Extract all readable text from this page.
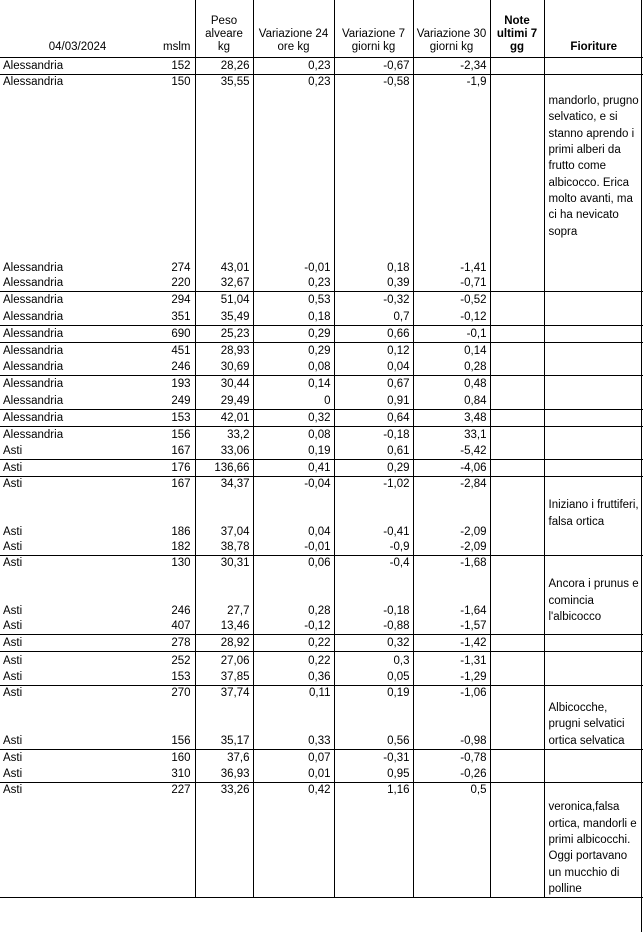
04/03/2024	mslm	Peso alveare kg	Variazione 24 ore kg	Variazione 7 giorni kg	Variazione 30 giorni kg	Note ultimi 7 gg	Fioriture
Alessandria	152	28,26	0,23	-0,67	-2,34		
Alessandria	150	35,55	0,23	-0,58	-1,9		mandorlo, prugno selvatico, e si stanno aprendo i primi alberi da frutto come albicocco. Erica molto avanti, ma ci ha nevicato sopra
Alessandria	274	43,01	-0,01	0,18	-1,41		
Alessandria	220	32,67	0,23	0,39	-0,71		
Alessandria	294	51,04	0,53	-0,32	-0,52		
Alessandria	351	35,49	0,18	0,7	-0,12		
Alessandria	690	25,23	0,29	0,66	-0,1		
Alessandria	451	28,93	0,29	0,12	0,14		
Alessandria	246	30,69	0,08	0,04	0,28		
Alessandria	193	30,44	0,14	0,67	0,48		
Alessandria	249	29,49	0	0,91	0,84		
Alessandria	153	42,01	0,32	0,64	3,48		
Alessandria	156	33,2	0,08	-0,18	33,1		
Asti	167	33,06	0,19	0,61	-5,42		
Asti	176	136,66	0,41	0,29	-4,06		
Asti	167	34,37	-0,04	-1,02	-2,84		Iniziano i fruttiferi, falsa ortica
Asti	186	37,04	0,04	-0,41	-2,09		
Asti	182	38,78	-0,01	-0,9	-2,09		
Asti	130	30,31	0,06	-0,4	-1,68		Ancora i prunus e comincia l'albicocco
Asti	246	27,7	0,28	-0,18	-1,64		
Asti	407	13,46	-0,12	-0,88	-1,57		
Asti	278	28,92	0,22	0,32	-1,42		
Asti	252	27,06	0,22	0,3	-1,31		
Asti	153	37,85	0,36	0,05	-1,29		
Asti	270	37,74	0,11	0,19	-1,06		Albicocche, prugni selvatici ortica selvatica
Asti	156	35,17	0,33	0,56	-0,98		
Asti	160	37,6	0,07	-0,31	-0,78		
Asti	310	36,93	0,01	0,95	-0,26		
Asti	227	33,26	0,42	1,16	0,5		veronica,falsa ortica, mandorli e primi albicocchi. Oggi portavano un mucchio di polline
